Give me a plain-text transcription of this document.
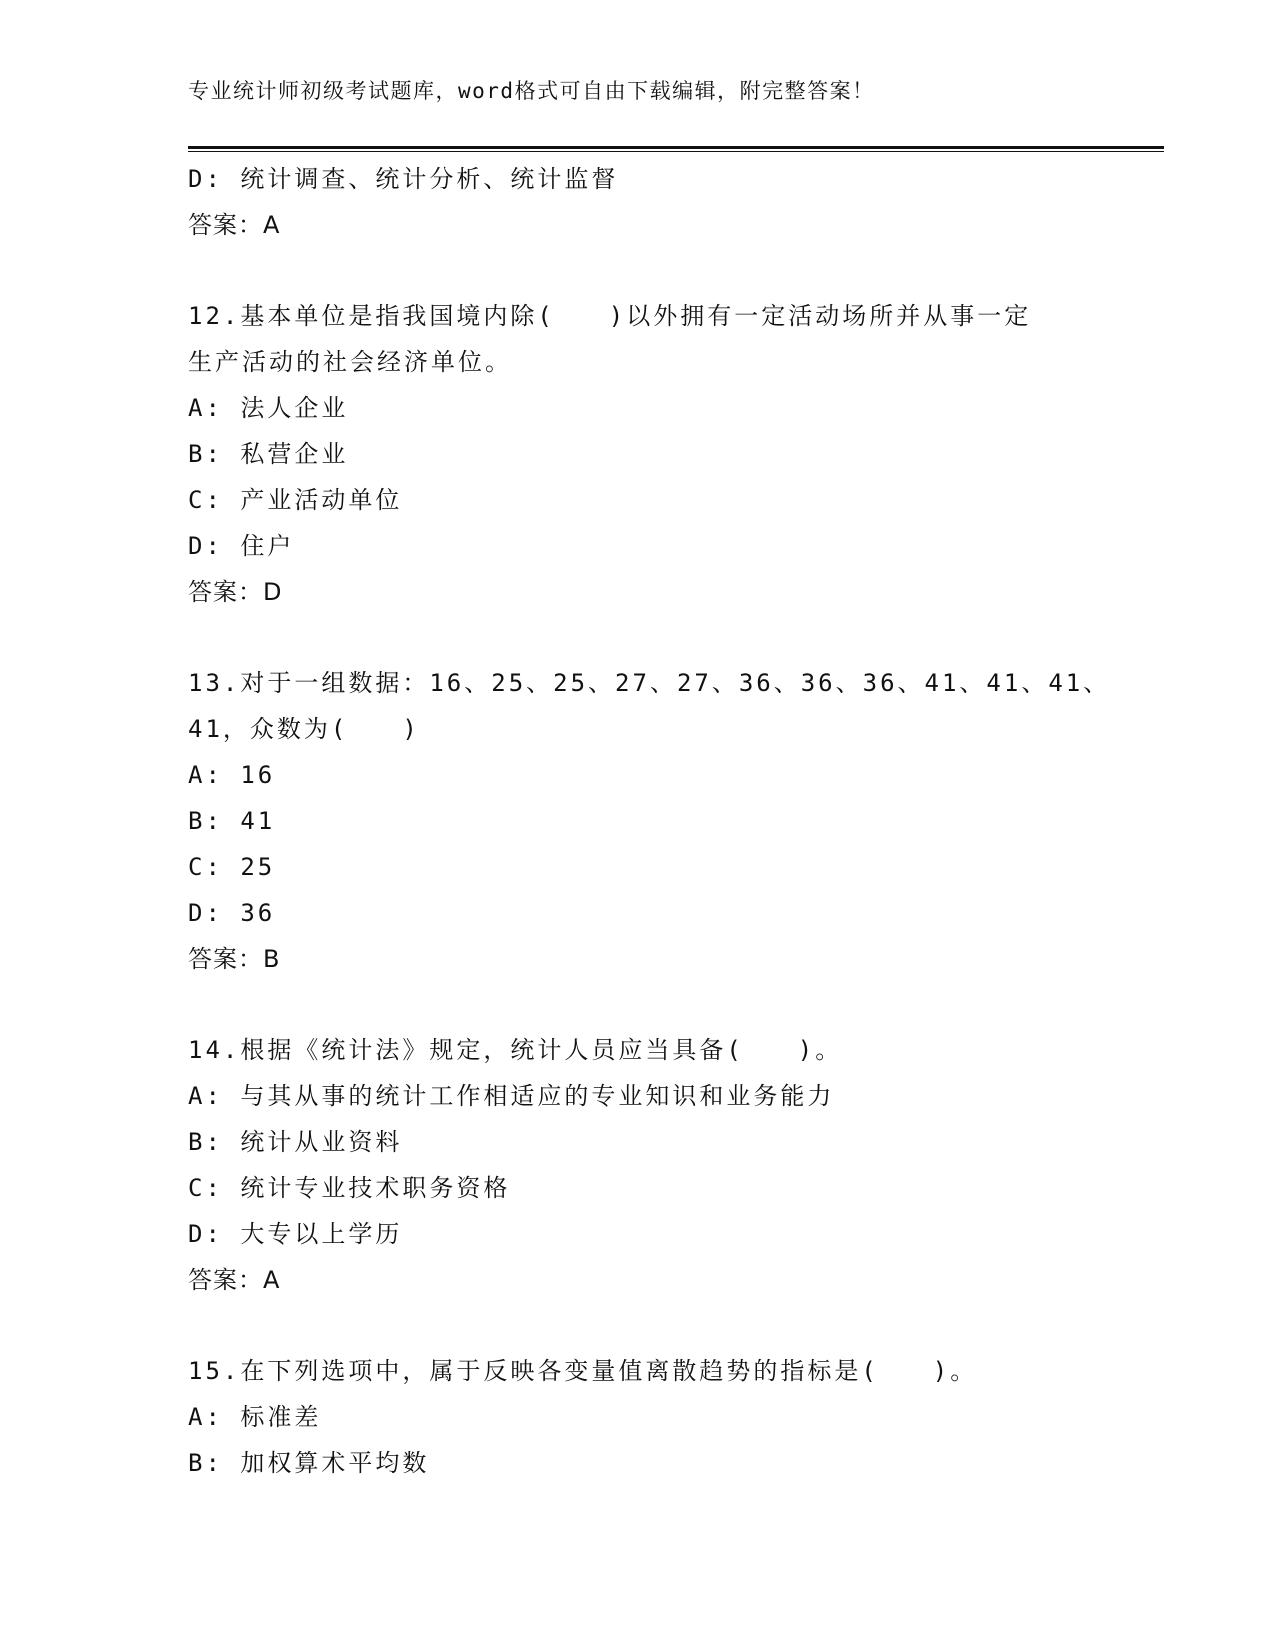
专业统计师初级考试题库，word格式可自由下载编辑，附完整答案！
D: 统计调查、统计分析、统计监督
答案：A
12.基本单位是指我国境内除(　　)以外拥有一定活动场所并从事一定
生产活动的社会经济单位。
A: 法人企业
B: 私营企业
C: 产业活动单位
D: 住户
答案：D
13.对于一组数据：16、25、25、27、27、36、36、36、41、41、41、
41，众数为(　　)
A: 16
B: 41
C: 25
D: 36
答案：B
14.根据《统计法》规定，统计人员应当具备(　　)。
A: 与其从事的统计工作相适应的专业知识和业务能力
B: 统计从业资料
C: 统计专业技术职务资格
D: 大专以上学历
答案：A
15.在下列选项中，属于反映各变量值离散趋势的指标是(　　)。
A: 标准差
B: 加权算术平均数
